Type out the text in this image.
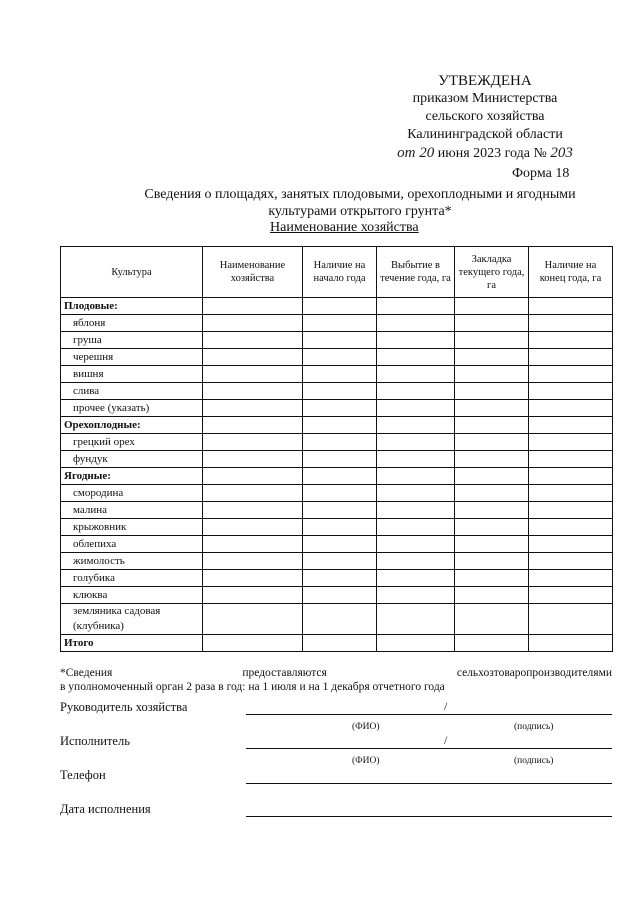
УТВЕЖДЕНА
приказом Министерства
сельского хозяйства
Калининградской области
от 20 июня 2023 года № 203
Форма 18
Сведения о площадях, занятых плодовыми, орехоплодными и ягодными
культурами открытого грунта*
Наименование хозяйства
Культура	Наименование хозяйства	Наличие на начало года	Выбытие в течение года, га	Закладка текущего года, га	Наличие на конец года, га
Плодовые:					
яблоня					
груша					
черешня					
вишня					
слива					
прочее (указать)					
Орехоплодные:					
грецкий орех					
фундук					
Ягодные:					
смородина					
малина					
крыжовник					
облепиха					
жимолость					
голубика					
клюква					
земляника садовая (клубника)					
Итого					
*Сведения предоставляются сельхозтоваропроизводителями
в уполномоченный орган 2 раза в год: на 1 июля и на 1 декабря отчетного года
Руководитель хозяйства	/
(ФИО)	(подпись)
Исполнитель	/
(ФИО)	(подпись)
Телефон
Дата исполнения
